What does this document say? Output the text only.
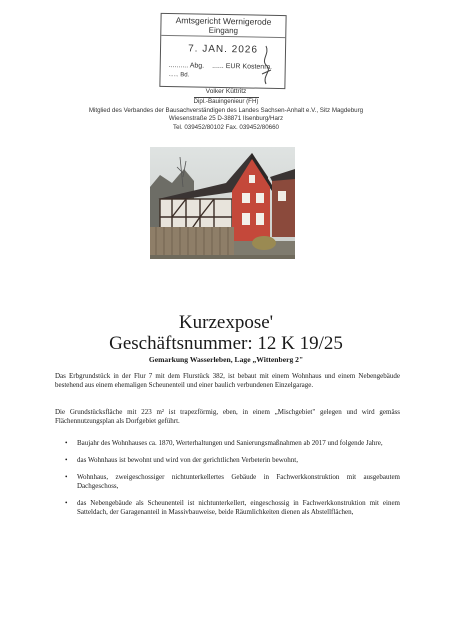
Amtsgericht Wernigerode
Eingang
7. JAN. 2026
.......... Abg. ...... EUR Kostenm.
...... Bd.
Volker Küttritz
Dipl.-Bauingenieur (FH)
Mitglied des Verbandes der Bausachverständigen des Landes Sachsen-Anhalt e.V., Sitz Magdeburg
Wiesenstraße 25 D-38871 Ilsenburg/Harz
Tel. 039452/80102 Fax. 039452/80660
Kurzexpose'
Geschäftsnummer: 12 K 19/25
Gemarkung Wasserleben, Lage „Wittenberg 2"
Das Erbgrundstück in der Flur 7 mit dem Flurstück 382, ist bebaut mit einem Wohnhaus und einem Nebengebäude bestehend aus einem ehemaligen Scheunenteil und einer baulich verbundenen Einzelgarage.
Die Grundstücksfläche mit 223 m² ist trapezförmig, eben, in einem „Mischgebiet" gelegen und wird gemäss Flächennutzungsplan als Dorfgebiet geführt.
• Baujahr des Wohnhauses ca. 1870, Werterhaltungen und Sanierungsmaßnahmen ab 2017 und folgende Jahre,
• das Wohnhaus ist bewohnt und wird von der gerichtlichen Verbeterin bewohnt,
• Wohnhaus, zweigeschossiger nichtunterkellertes Gebäude in Fachwerkkonstruktion mit ausgebautem Dachgeschoss,
• das Nebengebäude als Scheunenteil ist nichtunterkellert, eingeschossig in Fachwerkkonstruktion mit einem Satteldach, der Garagenanteil in Massivbauweise, beide Räumlichkeiten dienen als Abstellflächen,
